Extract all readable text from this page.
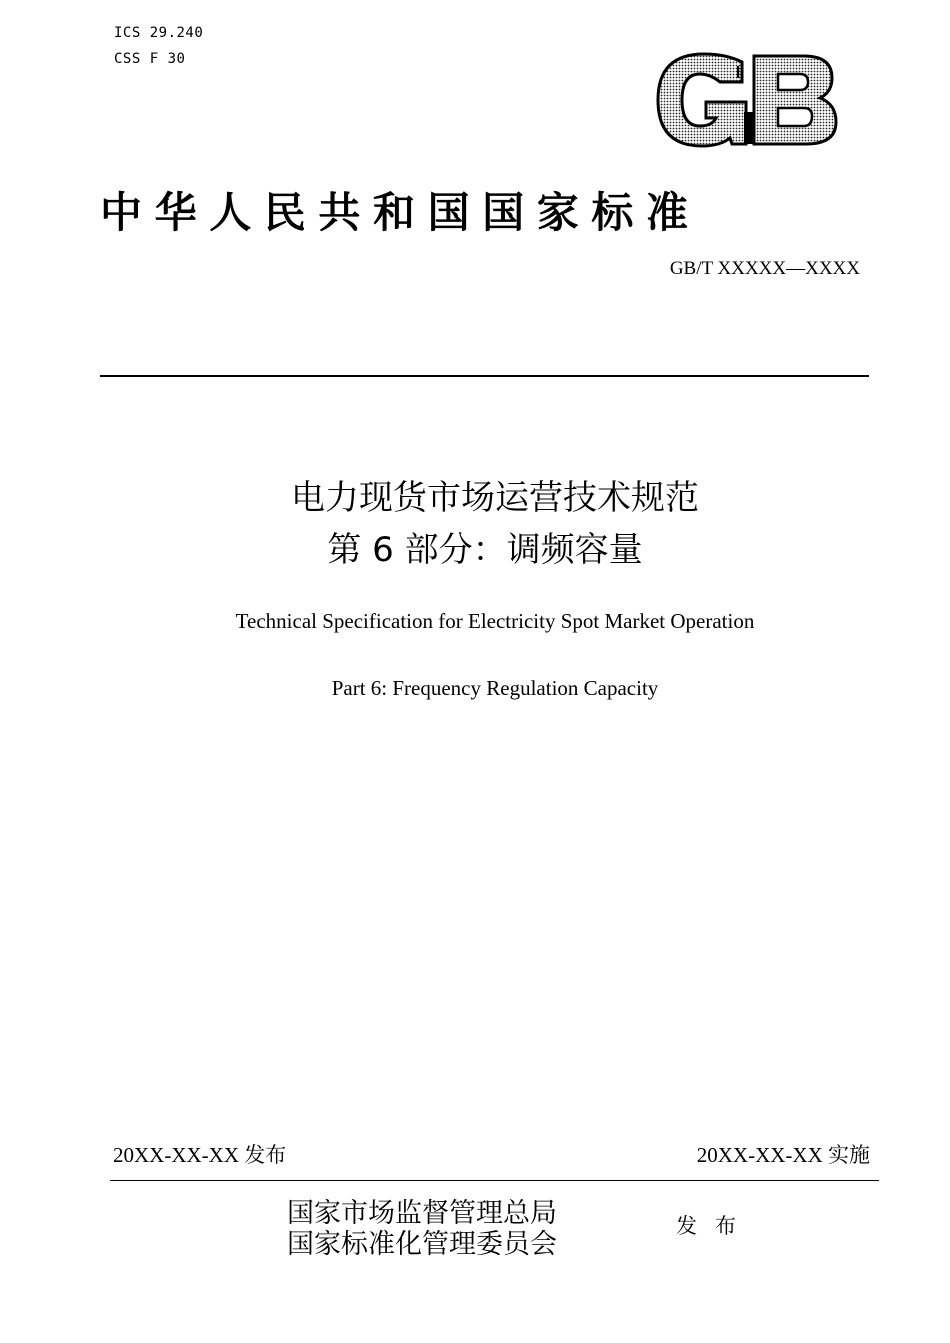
ICS 29.240
CSS F 30
中华人民共和国国家标准
GB/T XXXXX—XXXX
电力现货市场运营技术规范
第 6 部分：调频容量
Technical Specification for Electricity Spot Market Operation
Part 6: Frequency Regulation Capacity
20XX-XX-XX 发布	20XX-XX-XX 实施
国家市场监督管理总局
国家标准化管理委员会
发布
